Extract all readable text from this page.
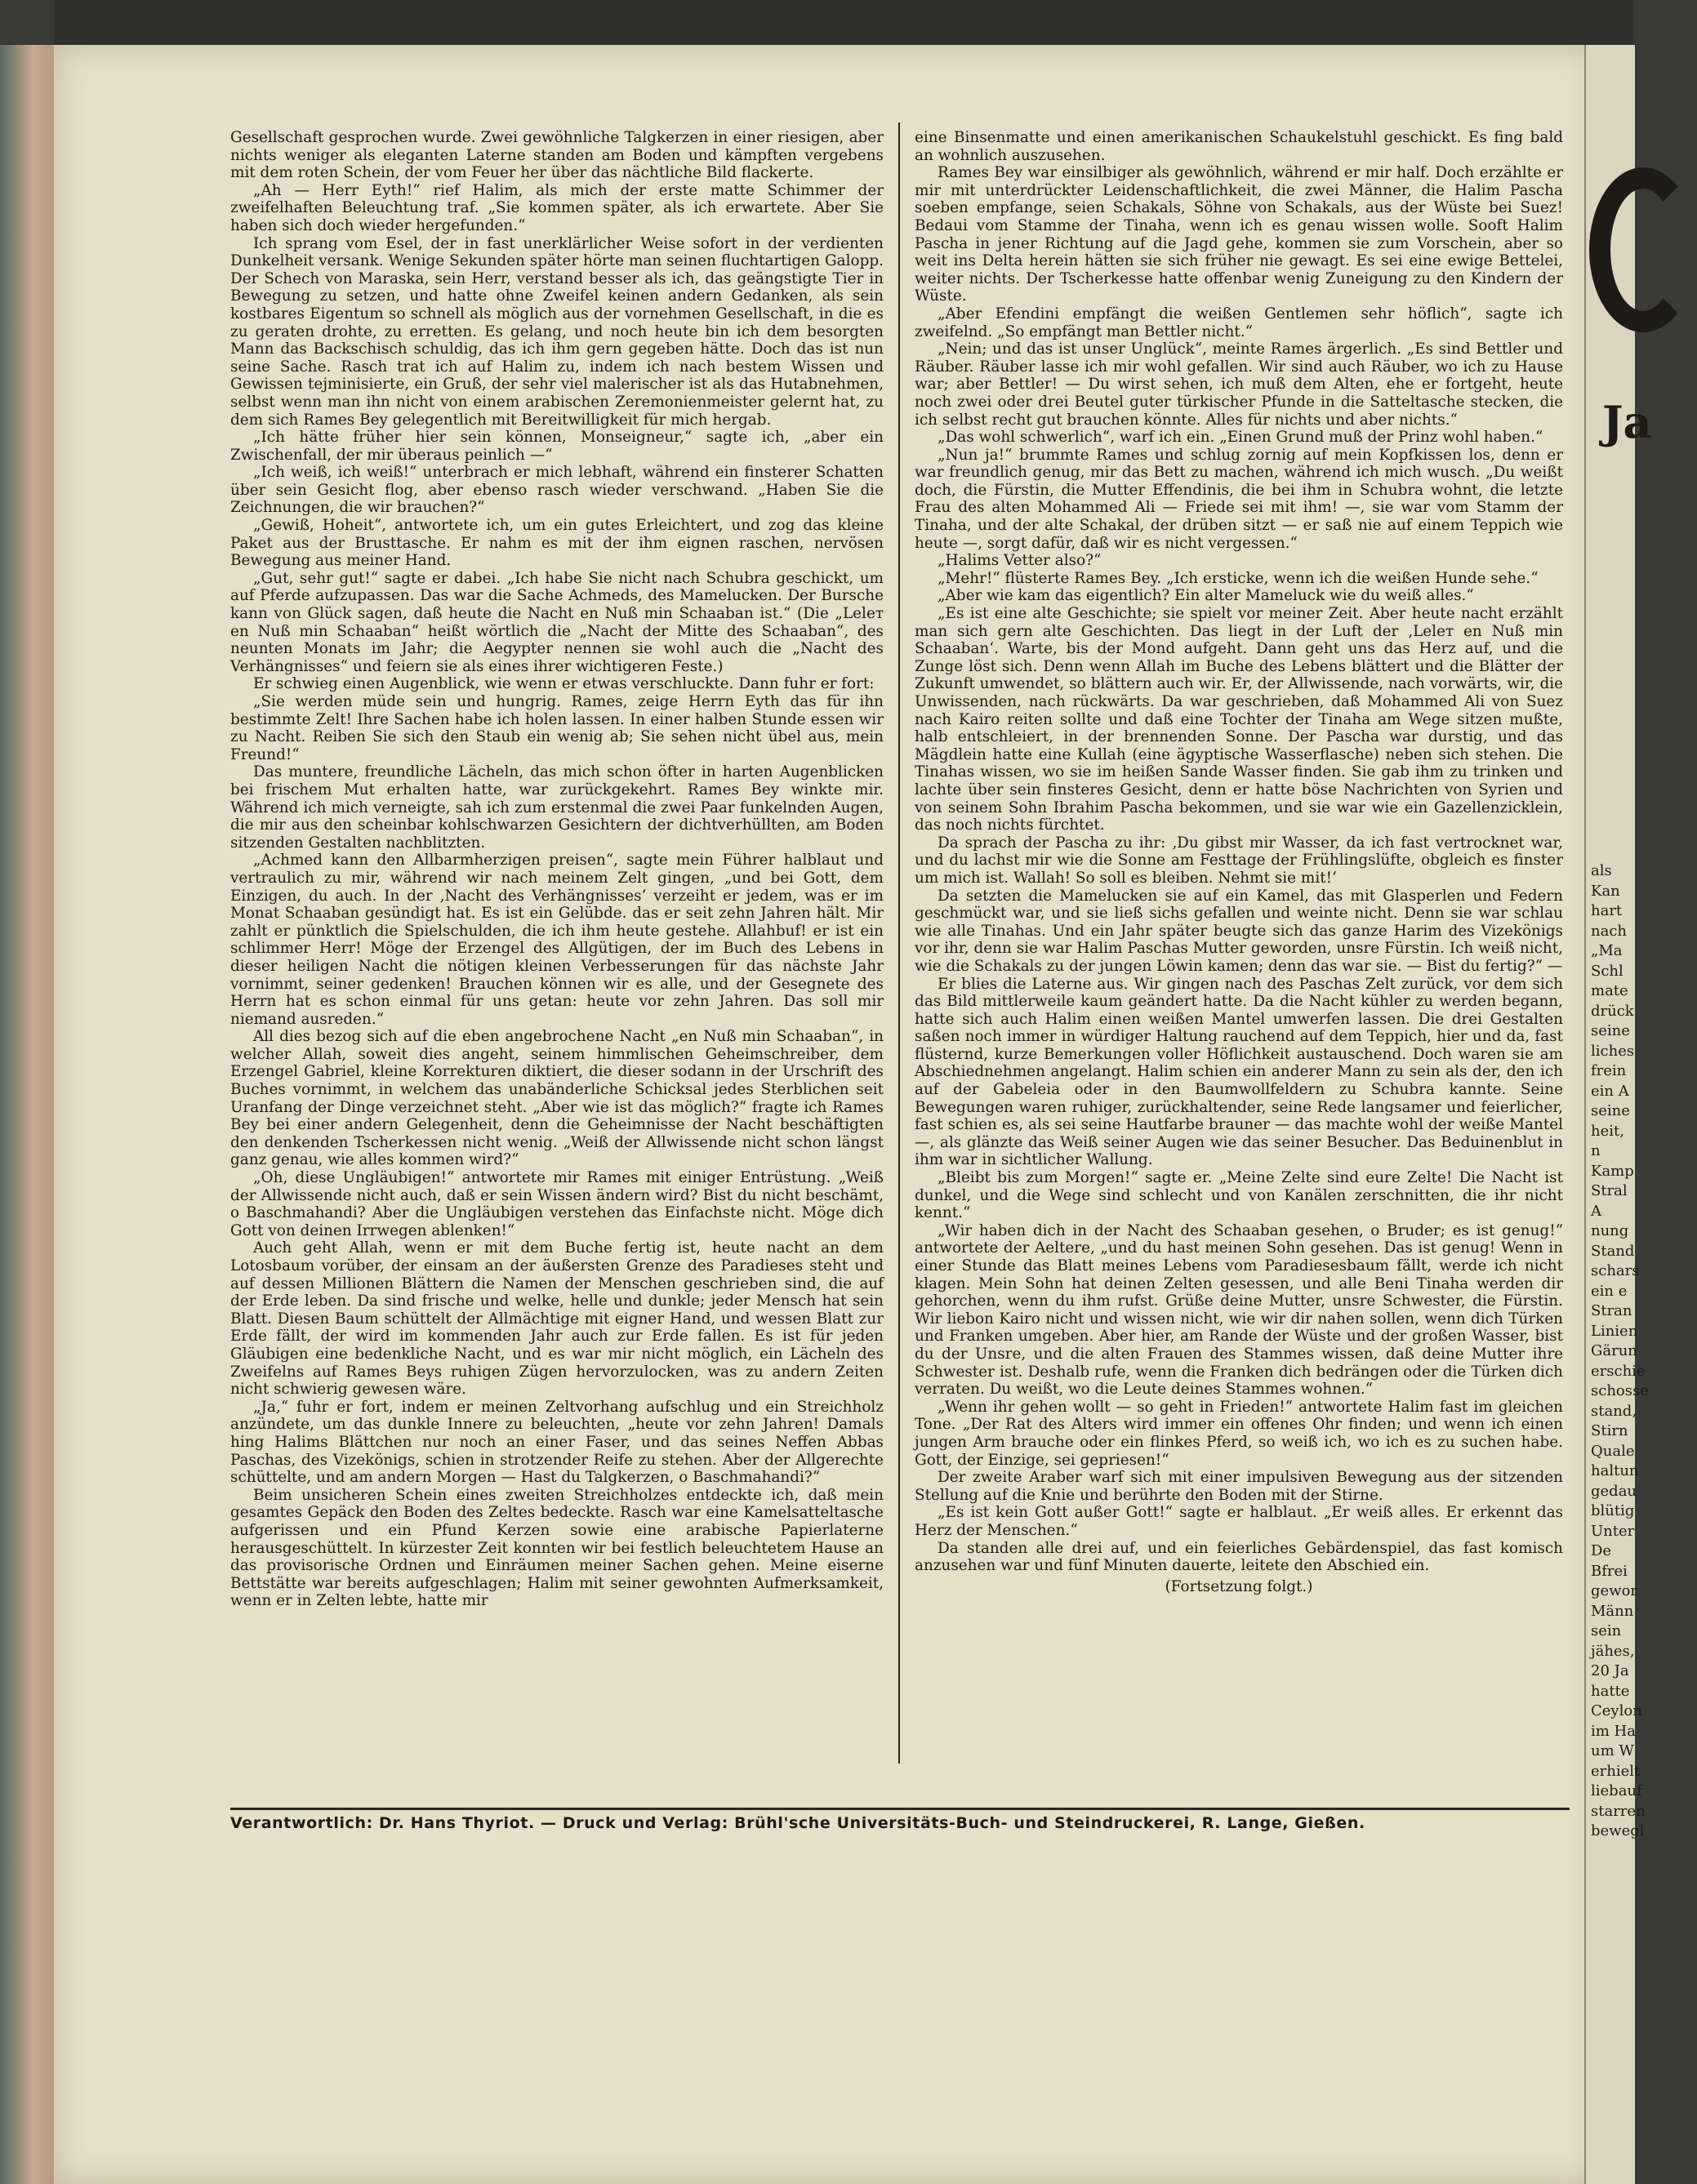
Gesellschaft gesprochen wurde. Zwei gewöhnliche Talgkerzen in einer riesigen, aber nichts weniger als eleganten Laterne standen am Boden und kämpften vergebens mit dem roten Schein, der vom Feuer her über das nächtliche Bild flackerte.

„Ah — Herr Eyth!“ rief Halim, als mich der erste matte Schimmer der zweifelhaften Beleuchtung traf. „Sie kommen später, als ich erwartete. Aber Sie haben sich doch wieder hergefunden.“

Ich sprang vom Esel, der in fast unerklärlicher Weise sofort in der verdienten Dunkelheit versank. Wenige Sekunden später hörte man seinen fluchtartigen Galopp. Der Schech von Maraska, sein Herr, verstand besser als ich, das geängstigte Tier in Bewegung zu setzen, und hatte ohne Zweifel keinen andern Gedanken, als sein kostbares Eigentum so schnell als möglich aus der vornehmen Gesellschaft, in die es zu geraten drohte, zu erretten. Es gelang, und noch heute bin ich dem besorgten Mann das Backschisch schuldig, das ich ihm gern gegeben hätte. Doch das ist nun seine Sache. Rasch trat ich auf Halim zu, indem ich nach bestem Wissen und Gewissen tejminisierte, ein Gruß, der sehr viel malerischer ist als das Hutabnehmen, selbst wenn man ihn nicht von einem arabischen Zeremonienmeister gelernt hat, zu dem sich Rames Bey gelegentlich mit Bereitwilligkeit für mich hergab.

„Ich hätte früher hier sein können, Monseigneur,“ sagte ich, „aber ein Zwischenfall, der mir überaus peinlich —“

„Ich weiß, ich weiß!“ unterbrach er mich lebhaft, während ein finsterer Schatten über sein Gesicht flog, aber ebenso rasch wieder verschwand. „Haben Sie die Zeichnungen, die wir brauchen?“

„Gewiß, Hoheit“, antwortete ich, um ein gutes Erleichtert, und zog das kleine Paket aus der Brusttasche. Er nahm es mit der ihm eignen raschen, nervösen Bewegung aus meiner Hand.

„Gut, sehr gut!“ sagte er dabei. „Ich habe Sie nicht nach Schubra geschickt, um auf Pferde aufzupassen. Das war die Sache Achmeds, des Mamelucken. Der Bursche kann von Glück sagen, daß heute die Nacht en Nuß min Schaaban ist.“ (Die „Leleт en Nuß min Schaaban“ heißt wörtlich die „Nacht der Mitte des Schaaban“, des neunten Monats im Jahr; die Aegypter nennen sie wohl auch die „Nacht des Verhängnisses“ und feiern sie als eines ihrer wichtigeren Feste.)

Er schwieg einen Augenblick, wie wenn er etwas verschluckte. Dann fuhr er fort:

„Sie werden müde sein und hungrig. Rames, zeige Herrn Eyth das für ihn bestimmte Zelt! Ihre Sachen habe ich holen lassen. In einer halben Stunde essen wir zu Nacht. Reiben Sie sich den Staub ein wenig ab; Sie sehen nicht übel aus, mein Freund!“

Das muntere, freundliche Lächeln, das mich schon öfter in harten Augenblicken bei frischem Mut erhalten hatte, war zurückgekehrt. Rames Bey winkte mir. Während ich mich verneigte, sah ich zum erstenmal die zwei Paar funkelnden Augen, die mir aus den scheinbar kohlschwarzen Gesichtern der dichtverhüllten, am Boden sitzenden Gestalten nachblitzten.

„Achmed kann den Allbarmherzigen preisen“, sagte mein Führer halblaut und vertraulich zu mir, während wir nach meinem Zelt gingen, „und bei Gott, dem Einzigen, du auch. In der ‚Nacht des Verhängnisses‘ verzeiht er jedem, was er im Monat Schaaban gesündigt hat. Es ist ein Gelübde. das er seit zehn Jahren hält. Mir zahlt er pünktlich die Spielschulden, die ich ihm heute gestehe. Allahbuf! er ist ein schlimmer Herr! Möge der Erzengel des Allgütigen, der im Buch des Lebens in dieser heiligen Nacht die nötigen kleinen Verbesserungen für das nächste Jahr vornimmt, seiner gedenken! Brauchen können wir es alle, und der Gesegnete des Herrn hat es schon einmal für uns getan: heute vor zehn Jahren. Das soll mir niemand ausreden.“

All dies bezog sich auf die eben angebrochene Nacht „en Nuß min Schaaban“, in welcher Allah, soweit dies angeht, seinem himmlischen Geheimschreiber, dem Erzengel Gabriel, kleine Korrekturen diktiert, die dieser sodann in der Urschrift des Buches vornimmt, in welchem das unabänderliche Schicksal jedes Sterblichen seit Uranfang der Dinge verzeichnet steht. „Aber wie ist das möglich?“ fragte ich Rames Bey bei einer andern Gelegenheit, denn die Geheimnisse der Nacht beschäftigten den denkenden Tscherkessen nicht wenig. „Weiß der Allwissende nicht schon längst ganz genau, wie alles kommen wird?“

„Oh, diese Ungläubigen!“ antwortete mir Rames mit einiger Entrüstung. „Weiß der Allwissende nicht auch, daß er sein Wissen ändern wird? Bist du nicht beschämt, o Baschmahandi? Aber die Ungläubigen verstehen das Einfachste nicht. Möge dich Gott von deinen Irrwegen ablenken!“

Auch geht Allah, wenn er mit dem Buche fertig ist, heute nacht an dem Lotosbaum vorüber, der einsam an der äußersten Grenze des Paradieses steht und auf dessen Millionen Blättern die Namen der Menschen geschrieben sind, die auf der Erde leben. Da sind frische und welke, helle und dunkle; jeder Mensch hat sein Blatt. Diesen Baum schüttelt der Allmächtige mit eigner Hand, und wessen Blatt zur Erde fällt, der wird im kommenden Jahr auch zur Erde fallen. Es ist für jeden Gläubigen eine bedenkliche Nacht, und es war mir nicht möglich, ein Lächeln des Zweifelns auf Rames Beys ruhigen Zügen hervorzulocken, was zu andern Zeiten nicht schwierig gewesen wäre.

„Ja,“ fuhr er fort, indem er meinen Zeltvorhang aufschlug und ein Streichholz anzündete, um das dunkle Innere zu beleuchten, „heute vor zehn Jahren! Damals hing Halims Blättchen nur noch an einer Faser, und das seines Neffen Abbas Paschas, des Vizekönigs, schien in strotzender Reife zu stehen. Aber der Allgerechte schüttelte, und am andern Morgen — Hast du Talgkerzen, o Baschmahandi?“

Beim unsicheren Schein eines zweiten Streichholzes entdeckte ich, daß mein gesamtes Gepäck den Boden des Zeltes bedeckte. Rasch war eine Kamelsatteltasche aufgerissen und ein Pfund Kerzen sowie eine arabische Papierlaterne herausgeschüttelt. In kürzester Zeit konnten wir bei festlich beleuchtetem Hause an das provisorische Ordnen und Einräumen meiner Sachen gehen. Meine eiserne Bettstätte war bereits aufgeschlagen; Halim mit seiner gewohnten Aufmerksamkeit, wenn er in Zelten lebte, hatte mir

eine Binsenmatte und einen amerikanischen Schaukelstuhl geschickt. Es fing bald an wohnlich auszusehen.

Rames Bey war einsilbiger als gewöhnlich, während er mir half. Doch erzählte er mir mit unterdrückter Leidenschaftlichkeit, die zwei Männer, die Halim Pascha soeben empfange, seien Schakals, Söhne von Schakals, aus der Wüste bei Suez! Bedaui vom Stamme der Tinaha, wenn ich es genau wissen wolle. Sooft Halim Pascha in jener Richtung auf die Jagd gehe, kommen sie zum Vorschein, aber so weit ins Delta herein hätten sie sich früher nie gewagt. Es sei eine ewige Bettelei, weiter nichts. Der Tscherkesse hatte offenbar wenig Zuneigung zu den Kindern der Wüste.

„Aber Efendini empfängt die weißen Gentlemen sehr höflich“, sagte ich zweifelnd. „So empfängt man Bettler nicht.“

„Nein; und das ist unser Unglück“, meinte Rames ärgerlich. „Es sind Bettler und Räuber. Räuber lasse ich mir wohl gefallen. Wir sind auch Räuber, wo ich zu Hause war; aber Bettler! — Du wirst sehen, ich muß dem Alten, ehe er fortgeht, heute noch zwei oder drei Beutel guter türkischer Pfunde in die Satteltasche stecken, die ich selbst recht gut brauchen könnte. Alles für nichts und aber nichts.“

„Das wohl schwerlich“, warf ich ein. „Einen Grund muß der Prinz wohl haben.“

„Nun ja!“ brummte Rames und schlug zornig auf mein Kopfkissen los, denn er war freundlich genug, mir das Bett zu machen, während ich mich wusch. „Du weißt doch, die Fürstin, die Mutter Effendinis, die bei ihm in Schubra wohnt, die letzte Frau des alten Mohammed Ali — Friede sei mit ihm! —, sie war vom Stamm der Tinaha, und der alte Schakal, der drüben sitzt — er saß nie auf einem Teppich wie heute —, sorgt dafür, daß wir es nicht vergessen.“

„Halims Vetter also?“

„Mehr!“ flüsterte Rames Bey. „Ich ersticke, wenn ich die weißen Hunde sehe.“

„Aber wie kam das eigentlich? Ein alter Mameluck wie du weiß alles.“

„Es ist eine alte Geschichte; sie spielt vor meiner Zeit. Aber heute nacht erzählt man sich gern alte Geschichten. Das liegt in der Luft der ‚Leleт en Nuß min Schaaban‘. Warte, bis der Mond aufgeht. Dann geht uns das Herz auf, und die Zunge löst sich. Denn wenn Allah im Buche des Lebens blättert und die Blätter der Zukunft umwendet, so blättern auch wir. Er, der Allwissende, nach vorwärts, wir, die Unwissenden, nach rückwärts. Da war geschrieben, daß Mohammed Ali von Suez nach Kairo reiten sollte und daß eine Tochter der Tinaha am Wege sitzen mußte, halb entschleiert, in der brennenden Sonne. Der Pascha war durstig, und das Mägdlein hatte eine Kullah (eine ägyptische Wasserflasche) neben sich stehen. Die Tinahas wissen, wo sie im heißen Sande Wasser finden. Sie gab ihm zu trinken und lachte über sein finsteres Gesicht, denn er hatte böse Nachrichten von Syrien und von seinem Sohn Ibrahim Pascha bekommen, und sie war wie ein Gazellenzicklein, das noch nichts fürchtet.

Da sprach der Pascha zu ihr: ‚Du gibst mir Wasser, da ich fast vertrocknet war, und du lachst mir wie die Sonne am Festtage der Frühlingslüfte, obgleich es finster um mich ist. Wallah! So soll es bleiben. Nehmt sie mit!‘

Da setzten die Mamelucken sie auf ein Kamel, das mit Glasperlen und Federn geschmückt war, und sie ließ sichs gefallen und weinte nicht. Denn sie war schlau wie alle Tinahas. Und ein Jahr später beugte sich das ganze Harim des Vizekönigs vor ihr, denn sie war Halim Paschas Mutter geworden, unsre Fürstin. Ich weiß nicht, wie die Schakals zu der jungen Löwin kamen; denn das war sie. — Bist du fertig?“ —

Er blies die Laterne aus. Wir gingen nach des Paschas Zelt zurück, vor dem sich das Bild mittlerweile kaum geändert hatte. Da die Nacht kühler zu werden begann, hatte sich auch Halim einen weißen Mantel umwerfen lassen. Die drei Gestalten saßen noch immer in würdiger Haltung rauchend auf dem Teppich, hier und da, fast flüsternd, kurze Bemerkungen voller Höflichkeit austauschend. Doch waren sie am Abschiednehmen angelangt. Halim schien ein anderer Mann zu sein als der, den ich auf der Gabeleia oder in den Baumwollfeldern zu Schubra kannte. Seine Bewegungen waren ruhiger, zurückhaltender, seine Rede langsamer und feierlicher, fast schien es, als sei seine Hautfarbe brauner — das machte wohl der weiße Mantel —, als glänzte das Weiß seiner Augen wie das seiner Besucher. Das Beduinenblut in ihm war in sichtlicher Wallung.

„Bleibt bis zum Morgen!“ sagte er. „Meine Zelte sind eure Zelte! Die Nacht ist dunkel, und die Wege sind schlecht und von Kanälen zerschnitten, die ihr nicht kennt.“

„Wir haben dich in der Nacht des Schaaban gesehen, o Bruder; es ist genug!“ antwortete der Aeltere, „und du hast meinen Sohn gesehen. Das ist genug! Wenn in einer Stunde das Blatt meines Lebens vom Paradiesesbaum fällt, werde ich nicht klagen. Mein Sohn hat deinen Zelten gesessen, und alle Beni Tinaha werden dir gehorchen, wenn du ihm rufst. Grüße deine Mutter, unsre Schwester, die Fürstin. Wir liebon Kairo nicht und wissen nicht, wie wir dir nahen sollen, wenn dich Türken und Franken umgeben. Aber hier, am Rande der Wüste und der großen Wasser, bist du der Unsre, und die alten Frauen des Stammes wissen, daß deine Mutter ihre Schwester ist. Deshalb rufe, wenn die Franken dich bedrängen oder die Türken dich verraten. Du weißt, wo die Leute deines Stammes wohnen.“

„Wenn ihr gehen wollt — so geht in Frieden!“ antwortete Halim fast im gleichen Tone. „Der Rat des Alters wird immer ein offenes Ohr finden; und wenn ich einen jungen Arm brauche oder ein flinkes Pferd, so weiß ich, wo ich es zu suchen habe. Gott, der Einzige, sei gepriesen!“

Der zweite Araber warf sich mit einer impulsiven Bewegung aus der sitzenden Stellung auf die Knie und berührte den Boden mit der Stirne.

„Es ist kein Gott außer Gott!“ sagte er halblaut. „Er weiß alles. Er erkennt das Herz der Menschen.“

Da standen alle drei auf, und ein feierliches Gebärdenspiel, das fast komisch anzusehen war und fünf Minuten dauerte, leitete den Abschied ein.

(Fortsetzung folgt.)

Verantwortlich: Dr. Hans Thyriot. — Druck und Verlag: Brühl'sche Universitäts-Buch- und Steindruckerei, R. Lange, Gießen.
Ja
als
Kan
hart
nach
„Ma
Schl
mate
drück
seine
liches
frein
ein A
seine
heit,
n
Kamp
Stral
A
nung
Stand
schars
ein e
Stran
Linien
Gärun
erschie
schosse
stand,
Stirn
Quale
haltun
gedau
blütig
Unter
De
Bfrei
gewor
Männ
sein
jähes,
20 Ja
hatte
Ceylon
im Ha
um W
erhielt
liebauf
starren
bewegl
